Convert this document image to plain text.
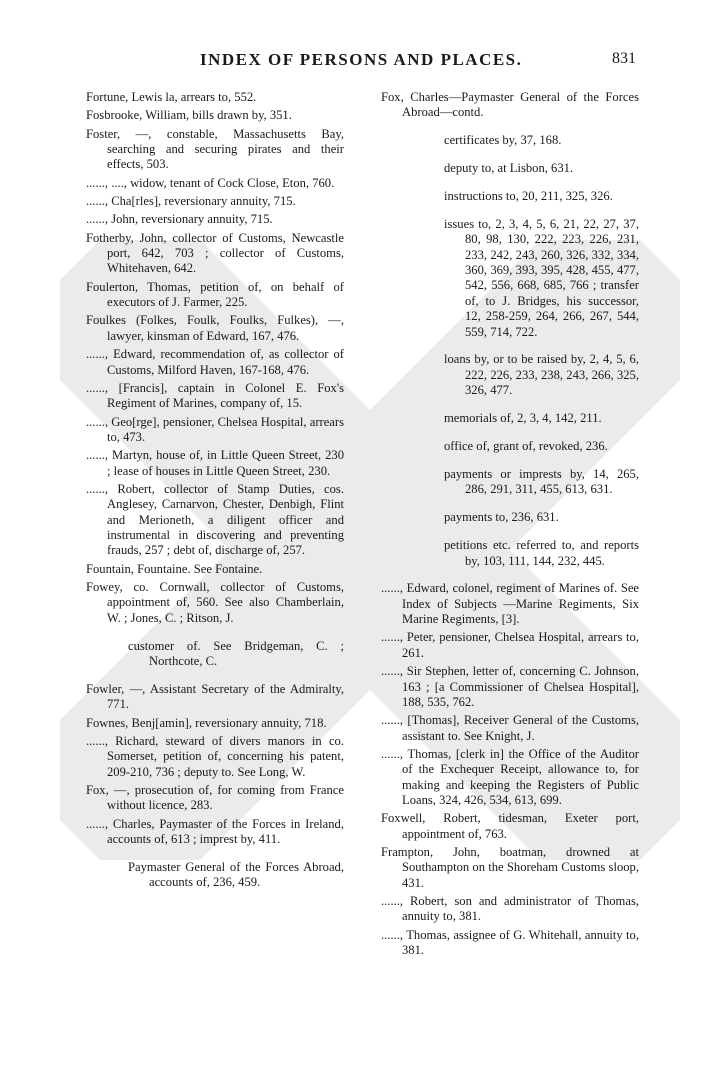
INDEX OF PERSONS AND PLACES.	831

Fortune, Lewis la, arrears to, 552.

Fosbrooke, William, bills drawn by, 351.

Foster, —, constable, Massachusetts Bay, searching and securing pirates and their effects, 503.

......, ...., widow, tenant of Cock Close, Eton, 760.

......, Cha[rles], reversionary annuity, 715.

......, John, reversionary annuity, 715.

Fotherby, John, collector of Customs, Newcastle port, 642, 703 ; collector of Customs, Whitehaven, 642.

Foulerton, Thomas, petition of, on behalf of executors of J. Farmer, 225.

Foulkes (Folkes, Foulk, Foulks, Fulkes), —, lawyer, kinsman of Edward, 167, 476.

......, Edward, recommendation of, as collector of Customs, Milford Haven, 167-168, 476.

......, [Francis], captain in Colonel E. Fox's Regiment of Marines, company of, 15.

......, Geo[rge], pensioner, Chelsea Hospital, arrears to, 473.

......, Martyn, house of, in Little Queen Street, 230 ; lease of houses in Little Queen Street, 230.

......, Robert, collector of Stamp Duties, cos. Anglesey, Carnarvon, Chester, Denbigh, Flint and Merioneth, a diligent officer and instrumental in discovering and preventing frauds, 257 ; debt of, discharge of, 257.

Fountain, Fountaine. See Fontaine.

Fowey, co. Cornwall, collector of Customs, appointment of, 560. See also Chamberlain, W. ; Jones, C. ; Ritson, J.

customer of. See Bridgeman, C. ; Northcote, C.

Fowler, —, Assistant Secretary of the Admiralty, 771.

Fownes, Benj[amin], reversionary annuity, 718.

......, Richard, steward of divers manors in co. Somerset, petition of, concerning his patent, 209-210, 736 ; deputy to. See Long, W.

Fox, —, prosecution of, for coming from France without licence, 283.

......, Charles, Paymaster of the Forces in Ireland, accounts of, 613 ; imprest by, 411.

Paymaster General of the Forces Abroad, accounts of, 236, 459.

Fox, Charles—Paymaster General of the Forces Abroad—contd.

certificates by, 37, 168.

deputy to, at Lisbon, 631.

instructions to, 20, 211, 325, 326.

issues to, 2, 3, 4, 5, 6, 21, 22, 27, 37, 80, 98, 130, 222, 223, 226, 231, 233, 242, 243, 260, 326, 332, 334, 360, 369, 393, 395, 428, 455, 477, 542, 556, 668, 685, 766 ; transfer of, to J. Bridges, his successor, 12, 258-259, 264, 266, 267, 544, 559, 714, 722.

loans by, or to be raised by, 2, 4, 5, 6, 222, 226, 233, 238, 243, 266, 325, 326, 477.

memorials of, 2, 3, 4, 142, 211.

office of, grant of, revoked, 236.

payments or imprests by, 14, 265, 286, 291, 311, 455, 613, 631.

payments to, 236, 631.

petitions etc. referred to, and reports by, 103, 111, 144, 232, 445.

......, Edward, colonel, regiment of Marines of. See Index of Subjects —Marine Regiments, Six Marine Regiments, [3].

......, Peter, pensioner, Chelsea Hospital, arrears to, 261.

......, Sir Stephen, letter of, concerning C. Johnson, 163 ; [a Commissioner of Chelsea Hospital], 188, 535, 762.

......, [Thomas], Receiver General of the Customs, assistant to. See Knight, J.

......, Thomas, [clerk in] the Office of the Auditor of the Exchequer Receipt, allowance to, for making and keeping the Registers of Public Loans, 324, 426, 534, 613, 699.

Foxwell, Robert, tidesman, Exeter port, appointment of, 763.

Frampton, John, boatman, drowned at Southampton on the Shoreham Customs sloop, 431.

......, Robert, son and administrator of Thomas, annuity to, 381.

......, Thomas, assignee of G. Whitehall, annuity to, 381.
